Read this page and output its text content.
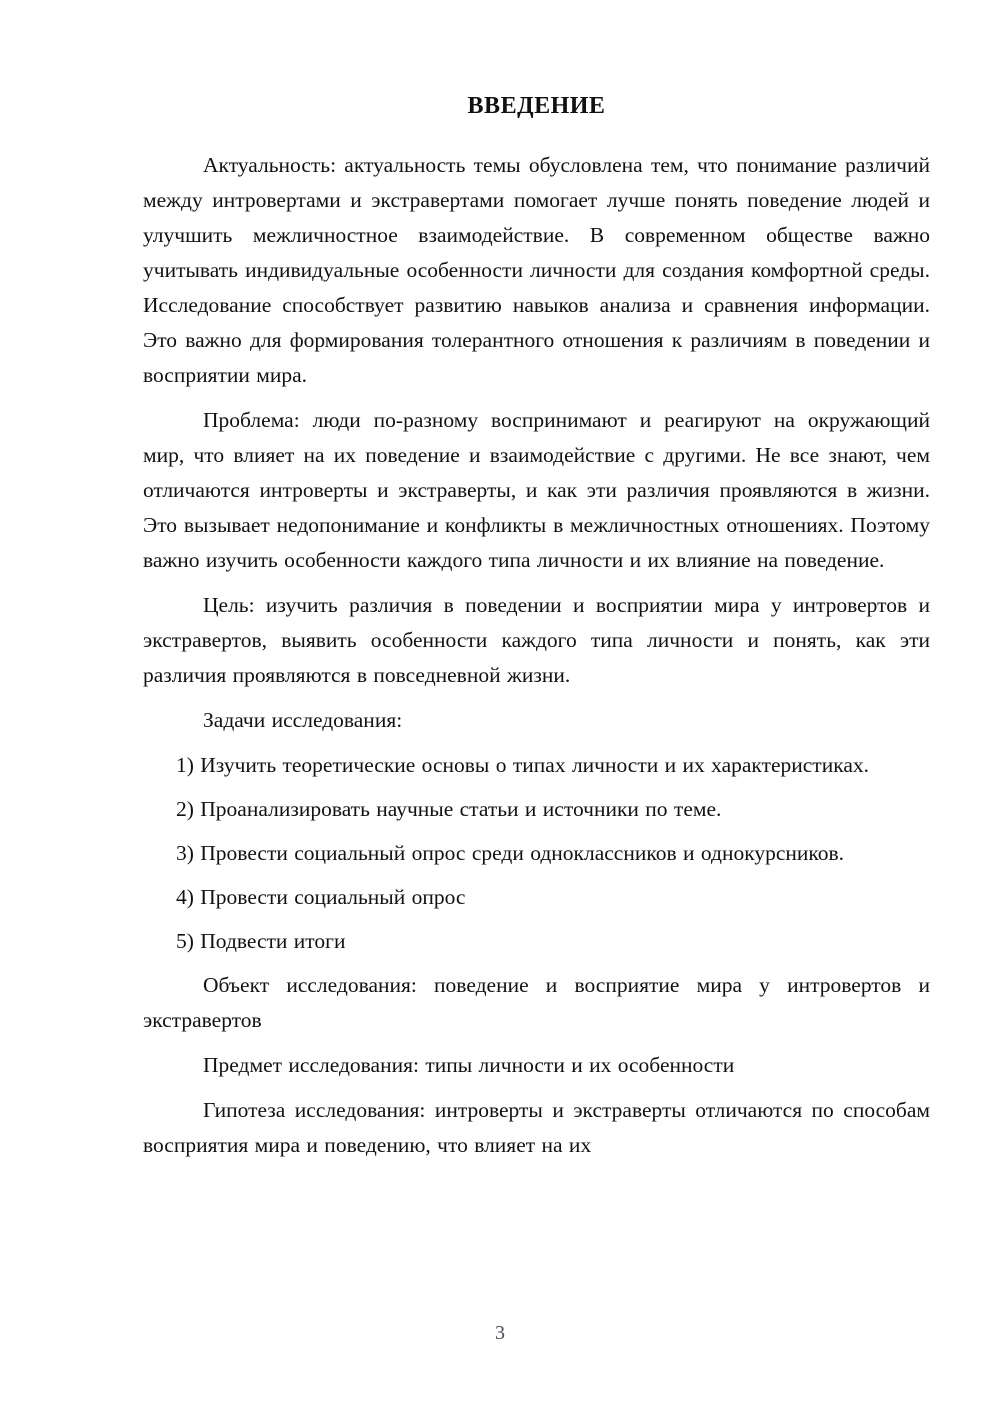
ВВЕДЕНИЕ

Актуальность: актуальность темы обусловлена тем, что понимание различий между интровертами и экстравертами помогает лучше понять поведение людей и улучшить межличностное взаимодействие. В современном обществе важно учитывать индивидуальные особенности личности для создания комфортной среды. Исследование способствует развитию навыков анализа и сравнения информации. Это важно для формирования толерантного отношения к различиям в поведении и восприятии мира.

Проблема: люди по-разному воспринимают и реагируют на окружающий мир, что влияет на их поведение и взаимодействие с другими. Не все знают, чем отличаются интроверты и экстраверты, и как эти различия проявляются в жизни. Это вызывает недопонимание и конфликты в межличностных отношениях. Поэтому важно изучить особенности каждого типа личности и их влияние на поведение.

Цель: изучить различия в поведении и восприятии мира у интровертов и экстравертов, выявить особенности каждого типа личности и понять, как эти различия проявляются в повседневной жизни.

Задачи исследования:

1) Изучить теоретические основы о типах личности и их характеристиках.

2) Проанализировать научные статьи и источники по теме.

3) Провести социальный опрос среди одноклассников и однокурсников.

4) Провести социальный опрос

5) Подвести итоги

Объект исследования: поведение и восприятие мира у интровертов и экстравертов

Предмет исследования: типы личности и их особенности

Гипотеза исследования: интроверты и экстраверты отличаются по способам восприятия мира и поведению, что влияет на их

3
